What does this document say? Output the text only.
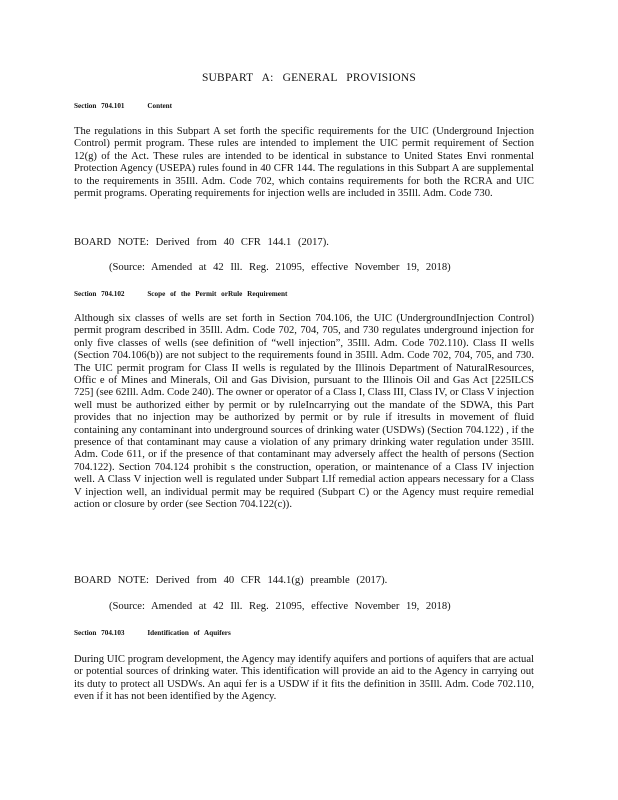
SUBPART A: GENERAL PROVISIONS
Section 704.101	Content
The regulations in this Subpart A set forth the specific requirements for the UIC (Underground Injection Control) permit program. These rules are intended to implement the UIC permit requirement of Section 12(g) of the Act. These rules are intended to be identical in substance to United States Envi ronmental Protection Agency (USEPA) rules found in 40 CFR 144. The regulations in this Subpart A are supplemental to the requirements in 35Ill. Adm. Code 702, which contains requirements for both the RCRA and UIC permit programs. Operating requirements for injection wells are included in 35Ill. Adm. Code 730.
BOARD NOTE: Derived from 40 CFR 144.1 (2017).
(Source: Amended at 42 Ill. Reg. 21095, effective November 19, 2018)
Section 704.102	Scope of the Permit orRule Requirement
Although six classes of wells are set forth in Section 704.106, the UIC (UndergroundInjection Control) permit program described in 35Ill. Adm. Code 702, 704, 705, and 730 regulates underground injection for only five classes of wells (see definition of “well injection”, 35Ill. Adm. Code 702.110). Class II wells (Section 704.106(b)) are not subject to the requirements found in 35Ill. Adm. Code 702, 704, 705, and 730. The UIC permit program for Class II wells is regulated by the Illinois Department of NaturalResources, Offic e of Mines and Minerals, Oil and Gas Division, pursuant to the Illinois Oil and Gas Act [225ILCS 725] (see 62Ill. Adm. Code 240). The owner or operator of a Class I, Class III, Class IV, or Class V injection well must be authorized either by permit or by ruleIncarrying out the mandate of the SDWA, this Part provides that no injection may be authorized by permit or by rule if itresults in movement of fluid containing any contaminant into underground sources of drinking water (USDWs) (Section 704.122) , if the presence of that contaminant may cause a violation of any primary drinking water regulation under 35Ill. Adm. Code 611, or if the presence of that contaminant may adversely affect the health of persons (Section 704.122). Section 704.124 prohibit s the construction, operation, or maintenance of a Class IV injection well. A Class V injection well is regulated under Subpart I.If remedial action appears necessary for a Class V injection well, an individual permit may be required (Subpart C) or the Agency must require remedial action or closure by order (see Section 704.122(c)).
BOARD NOTE: Derived from 40 CFR 144.1(g) preamble (2017).
(Source: Amended at 42 Ill. Reg. 21095, effective November 19, 2018)
Section 704.103	Identification of Aquifers
During UIC program development, the Agency may identify aquifers and portions of aquifers that are actual or potential sources of drinking water. This identification will provide an aid to the Agency in carrying out its duty to protect all USDWs. An aqui fer is a USDW if it fits the definition in 35Ill. Adm. Code 702.110, even if it has not been identified by the Agency.
